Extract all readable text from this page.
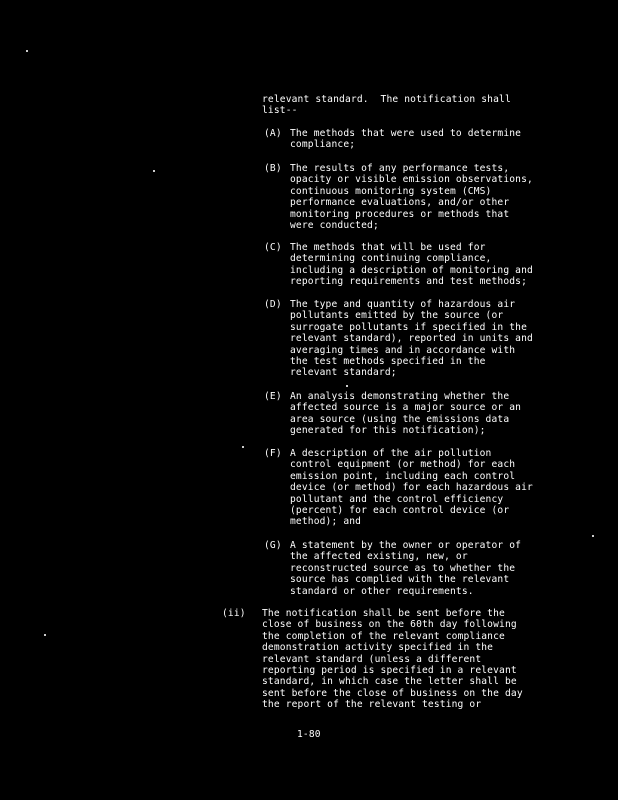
relevant standard.  The notification shall
list--
(A) The methods that were used to determine
compliance;
(B) The results of any performance tests,
opacity or visible emission observations,
continuous monitoring system (CMS)
performance evaluations, and/or other
monitoring procedures or methods that
were conducted;
(C) The methods that will be used for
determining continuing compliance,
including a description of monitoring and
reporting requirements and test methods;
(D) The type and quantity of hazardous air
pollutants emitted by the source (or
surrogate pollutants if specified in the
relevant standard), reported in units and
averaging times and in accordance with
the test methods specified in the
relevant standard;
(E) An analysis demonstrating whether the
affected source is a major source or an
area source (using the emissions data
generated for this notification);
(F) A description of the air pollution
control equipment (or method) for each
emission point, including each control
device (or method) for each hazardous air
pollutant and the control efficiency
(percent) for each control device (or
method); and
(G) A statement by the owner or operator of
the affected existing, new, or
reconstructed source as to whether the
source has complied with the relevant
standard or other requirements.
(ii)	The notification shall be sent before the
close of business on the 60th day following
the completion of the relevant compliance
demonstration activity specified in the
relevant standard (unless a different
reporting period is specified in a relevant
standard, in which case the letter shall be
sent before the close of business on the day
the report of the relevant testing or
1-80
